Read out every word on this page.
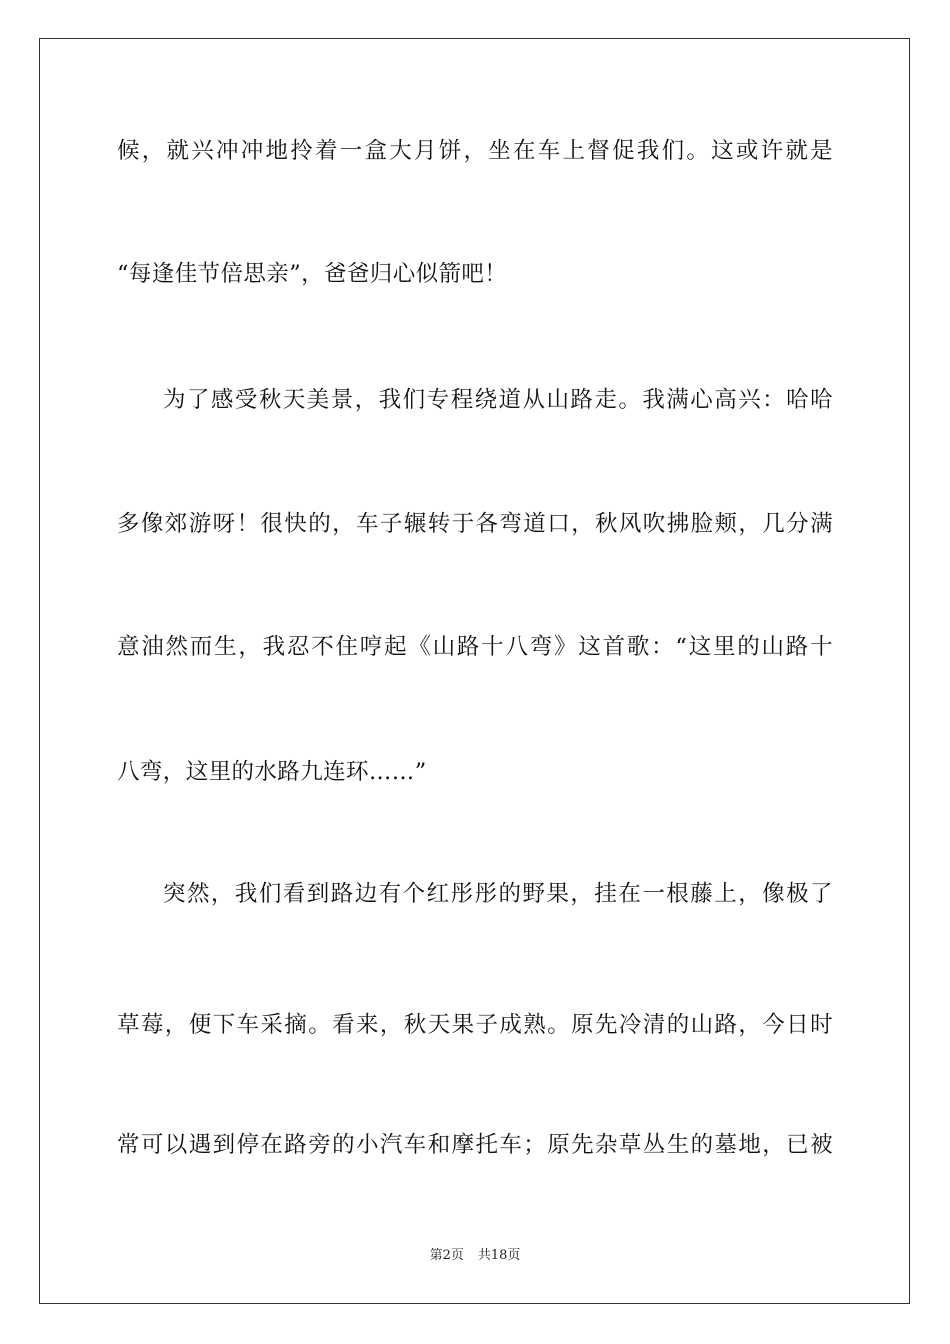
候，就兴冲冲地拎着一盒大月饼，坐在车上督促我们。这或许就是
“每逢佳节倍思亲”，爸爸归心似箭吧！
为了感受秋天美景，我们专程绕道从山路走。我满心高兴：哈哈
多像郊游呀！很快的，车子辗转于各弯道口，秋风吹拂脸颊，几分满
意油然而生，我忍不住哼起《山路十八弯》这首歌：“这里的山路十
八弯，这里的水路九连环……”
突然，我们看到路边有个红彤彤的野果，挂在一根藤上，像极了
草莓，便下车采摘。看来，秋天果子成熟。原先冷清的山路，今日时
常可以遇到停在路旁的小汽车和摩托车；原先杂草丛生的墓地，已被
第2页 共18页
